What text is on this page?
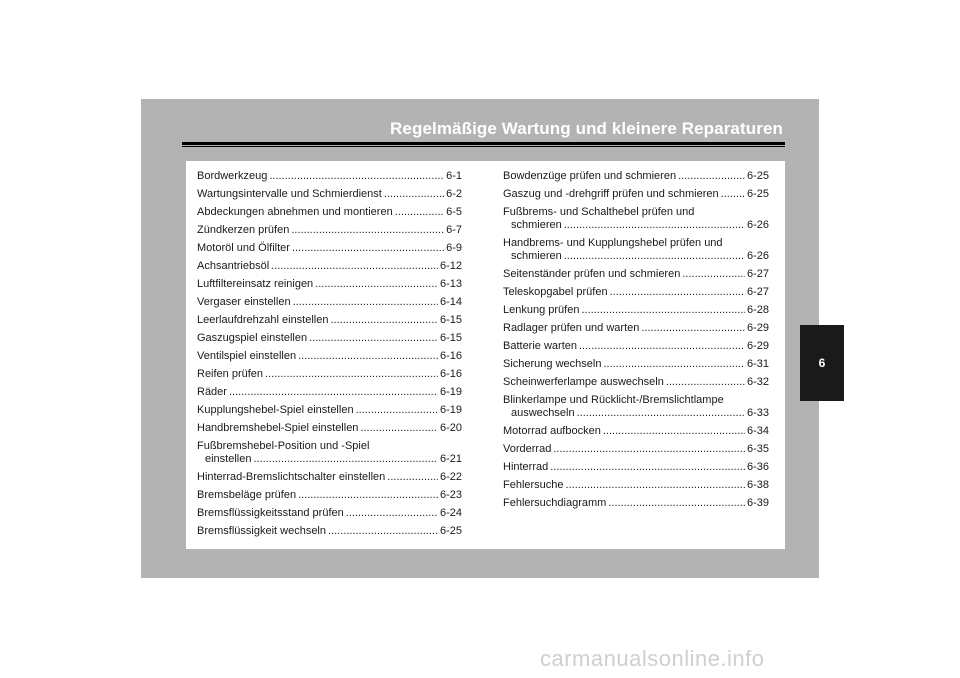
Regelmäßige Wartung und kleinere Reparaturen
Bordwerkzeug .....	6-1
Wartungsintervalle und Schmierdienst .....	6-2
Abdeckungen abnehmen und montieren .....	6-5
Zündkerzen prüfen .....	6-7
Motoröl und Ölfilter .....	6-9
Achsantriebsöl .....	6-12
Luftfiltereinsatz reinigen .....	6-13
Vergaser einstellen .....	6-14
Leerlaufdrehzahl einstellen .....	6-15
Gaszugspiel einstellen .....	6-15
Ventilspiel einstellen .....	6-16
Reifen prüfen .....	6-16
Räder .....	6-19
Kupplungshebel-Spiel einstellen .....	6-19
Handbremshebel-Spiel einstellen .....	6-20
Fußbremshebel-Position und -Spiel
einstellen .....	6-21
Hinterrad-Bremslichtschalter einstellen .....	6-22
Bremsbeläge prüfen .....	6-23
Bremsflüssigkeitsstand prüfen .....	6-24
Bremsflüssigkeit wechseln .....	6-25
Bowdenzüge prüfen und schmieren .....	6-25
Gaszug und -drehgriff prüfen und schmieren .....	6-25
Fußbrems- und Schalthebel prüfen und
schmieren .....	6-26
Handbrems- und Kupplungshebel prüfen und
schmieren .....	6-26
Seitenständer prüfen und schmieren .....	6-27
Teleskopgabel prüfen .....	6-27
Lenkung prüfen .....	6-28
Radlager prüfen und warten .....	6-29
Batterie warten .....	6-29
Sicherung wechseln .....	6-31
Scheinwerferlampe auswechseln .....	6-32
Blinkerlampe und Rücklicht-/Bremslichtlampe
auswechseln .....	6-33
Motorrad aufbocken .....	6-34
Vorderrad .....	6-35
Hinterrad .....	6-36
Fehlersuche .....	6-38
Fehlersuchdiagramm .....	6-39
6
carmanualsonline.info
